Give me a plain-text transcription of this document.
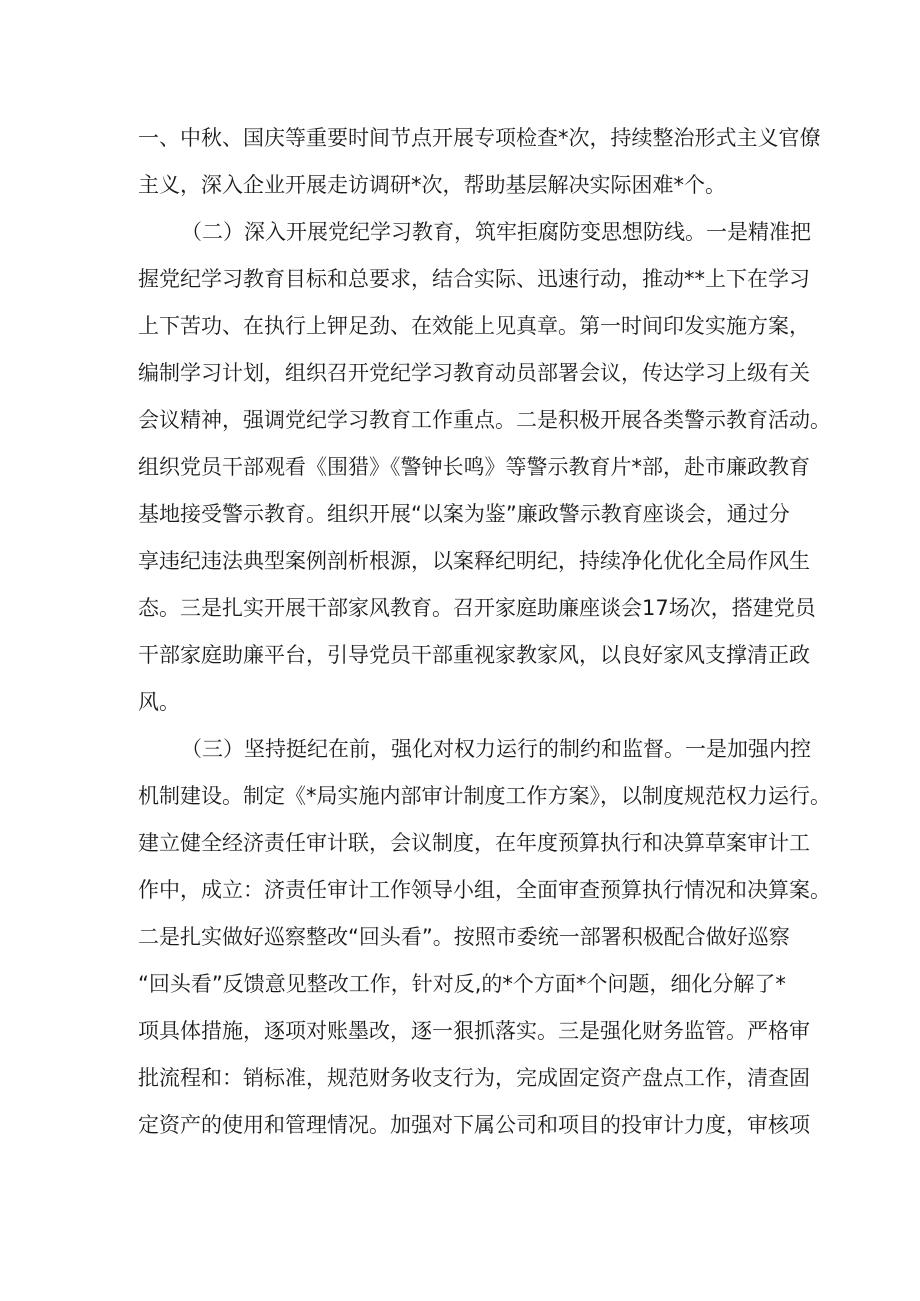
一、中秋、国庆等重要时间节点开展专项检查*次，持续整治形式主义官僚
主义，深入企业开展走访调研*次，帮助基层解决实际困难*个。
（二）深入开展党纪学习教育，筑牢拒腐防变思想防线。一是精准把
握党纪学习教育目标和总要求，结合实际、迅速行动，推动**上下在学习
上下苦功、在执行上钾足劲、在效能上见真章。第一时间印发实施方案，
编制学习计划，组织召开党纪学习教育动员部署会议，传达学习上级有关
会议精神，强调党纪学习教育工作重点。二是积极开展各类警示教育活动。
组织党员干部观看《围猎》《警钟长鸣》等警示教育片*部，赴市廉政教育
基地接受警示教育。组织开展“以案为鉴”廉政警示教育座谈会，通过分
享违纪违法典型案例剖析根源，以案释纪明纪，持续净化优化全局作风生
态。三是扎实开展干部家风教育。召开家庭助廉座谈会17场次，搭建党员
干部家庭助廉平台，引导党员干部重视家教家风，以良好家风支撑清正政
风。
（三）坚持挺纪在前，强化对权力运行的制约和监督。一是加强内控
机制建设。制定《*局实施内部审计制度工作方案》，以制度规范权力运行。
建立健全经济责任审计联，会议制度，在年度预算执行和决算草案审计工
作中，成立：济责任审计工作领导小组，全面审查预算执行情况和决算案。
二是扎实做好巡察整改“回头看”。按照市委统一部署积极配合做好巡察
“回头看”反馈意见整改工作，针对反,的*个方面*个问题，细化分解了*
项具体措施，逐项对账墨改，逐一狠抓落实。三是强化财务监管。严格审
批流程和：销标准，规范财务收支行为，完成固定资产盘点工作，清查固
定资产的使用和管理情况。加强对下属公司和项目的投审计力度，审核项
